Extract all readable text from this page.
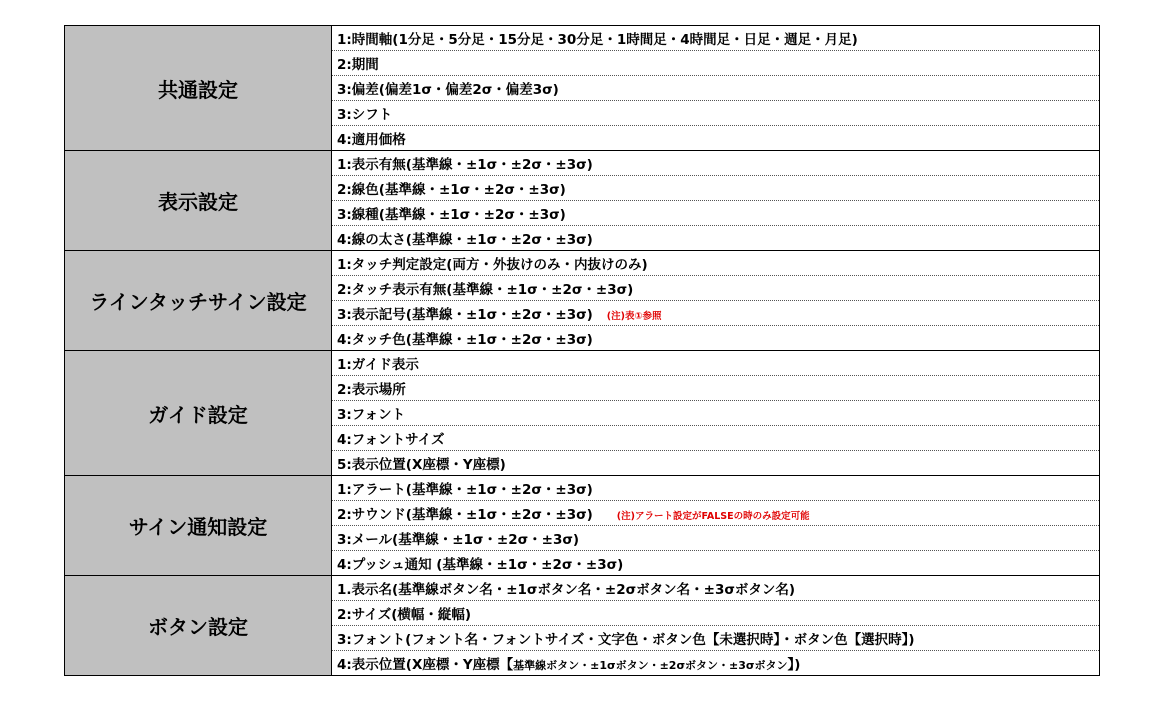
共通設定	1:時間軸(1分足・5分足・15分足・30分足・1時間足・4時間足・日足・週足・月足)
	2:期間
	3:偏差(偏差1σ・偏差2σ・偏差3σ)
	3:シフト
	4:適用価格
表示設定	1:表示有無(基準線・±1σ・±2σ・±3σ)
	2:線色(基準線・±1σ・±2σ・±3σ)
	3:線種(基準線・±1σ・±2σ・±3σ)
	4:線の太さ(基準線・±1σ・±2σ・±3σ)
ラインタッチサイン設定	1:タッチ判定設定(両方・外抜けのみ・内抜けのみ)
	2:タッチ表示有無(基準線・±1σ・±2σ・±3σ)
	3:表示記号(基準線・±1σ・±2σ・±3σ) (注)表①参照
	4:タッチ色(基準線・±1σ・±2σ・±3σ)
ガイド設定	1:ガイド表示
	2:表示場所
	3:フォント
	4:フォントサイズ
	5:表示位置(X座標・Y座標)
サイン通知設定	1:アラート(基準線・±1σ・±2σ・±3σ)
	2:サウンド(基準線・±1σ・±2σ・±3σ) (注)アラート設定がFALSEの時のみ設定可能
	3:メール(基準線・±1σ・±2σ・±3σ)
	4:プッシュ通知 (基準線・±1σ・±2σ・±3σ)
ボタン設定	1.表示名(基準線ボタン名・±1σボタン名・±2σボタン名・±3σボタン名)
	2:サイズ(横幅・縦幅)
	3:フォント(フォント名・フォントサイズ・文字色・ボタン色【未選択時】・ボタン色【選択時】)
	4:表示位置(X座標・Y座標【基準線ボタン・±1σボタン・±2σボタン・±3σボタン】)
